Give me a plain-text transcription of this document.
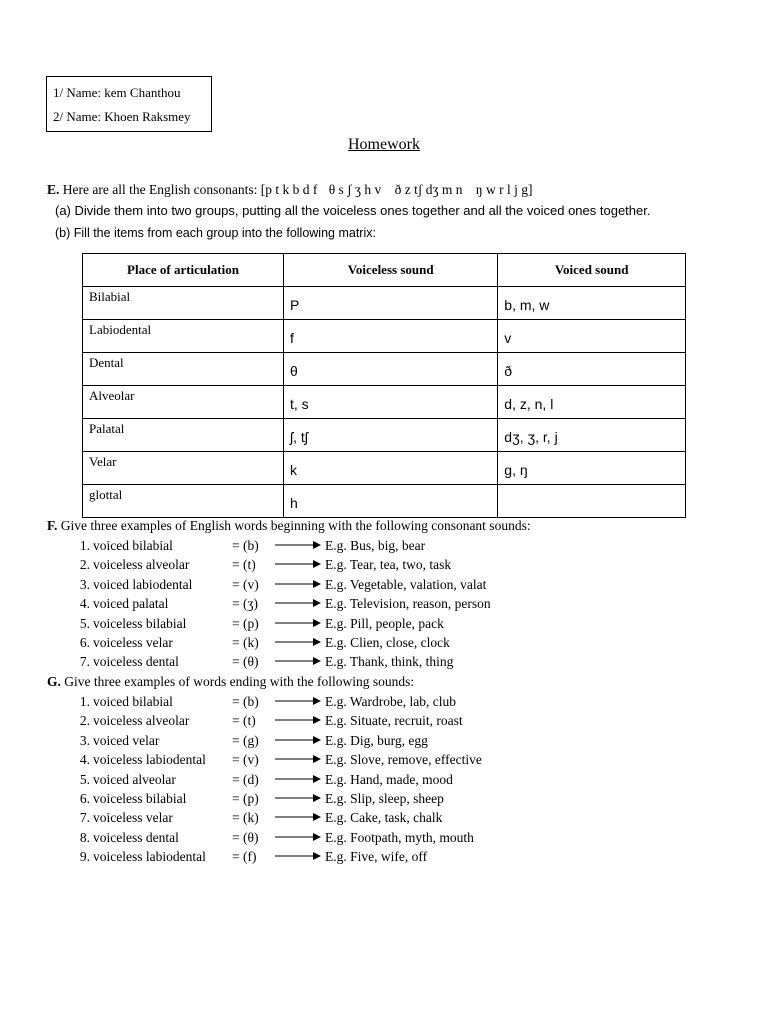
1/ Name: kem Chanthou
2/ Name: Khoen Raksmey
Homework
E. Here are all the English consonants: [p t k b d f θ s ʃ ʒ h v ð z tʃ dʒ m n ŋ w r l j g]
(a) Divide them into two groups, putting all the voiceless ones together and all the voiced ones together.
(b) Fill the items from each group into the following matrix:
Place of articulation	Voiceless sound	Voiced sound
Bilabial	P	b, m, w
Labiodental	f	v
Dental	θ	ð
Alveolar	t, s	d, z, n, l
Palatal	ʃ, tʃ	dʒ, ʒ, r, j
Velar	k	g, ŋ
glottal	h	
F. Give three examples of English words beginning with the following consonant sounds:
1. voiced bilabial	= (b)	E.g. Bus, big, bear
2. voiceless alveolar	= (t)	E.g. Tear, tea, two, task
3. voiced labiodental	= (v)	E.g. Vegetable, valation, valat
4. voiced palatal	= (ʒ)	E.g. Television, reason, person
5. voiceless bilabial	= (p)	E.g. Pill, people, pack
6. voiceless velar	= (k)	E.g. Clien, close, clock
7. voiceless dental	= (θ)	E.g. Thank, think, thing
G. Give three examples of words ending with the following sounds:
1. voiced bilabial	= (b)	E.g. Wardrobe, lab, club
2. voiceless alveolar	= (t)	E.g. Situate, recruit, roast
3. voiced velar	= (g)	E.g. Dig, burg, egg
4. voiceless labiodental = (v)	E.g. Slove, remove, effective
5. voiced alveolar	= (d)	E.g. Hand, made, mood
6. voiceless bilabial	= (p)	E.g. Slip, sleep, sheep
7. voiceless velar	= (k)	E.g. Cake, task, chalk
8. voiceless dental	= (θ)	E.g. Footpath, myth, mouth
9. voiceless labiodental = (f)	E.g. Five, wife, off
